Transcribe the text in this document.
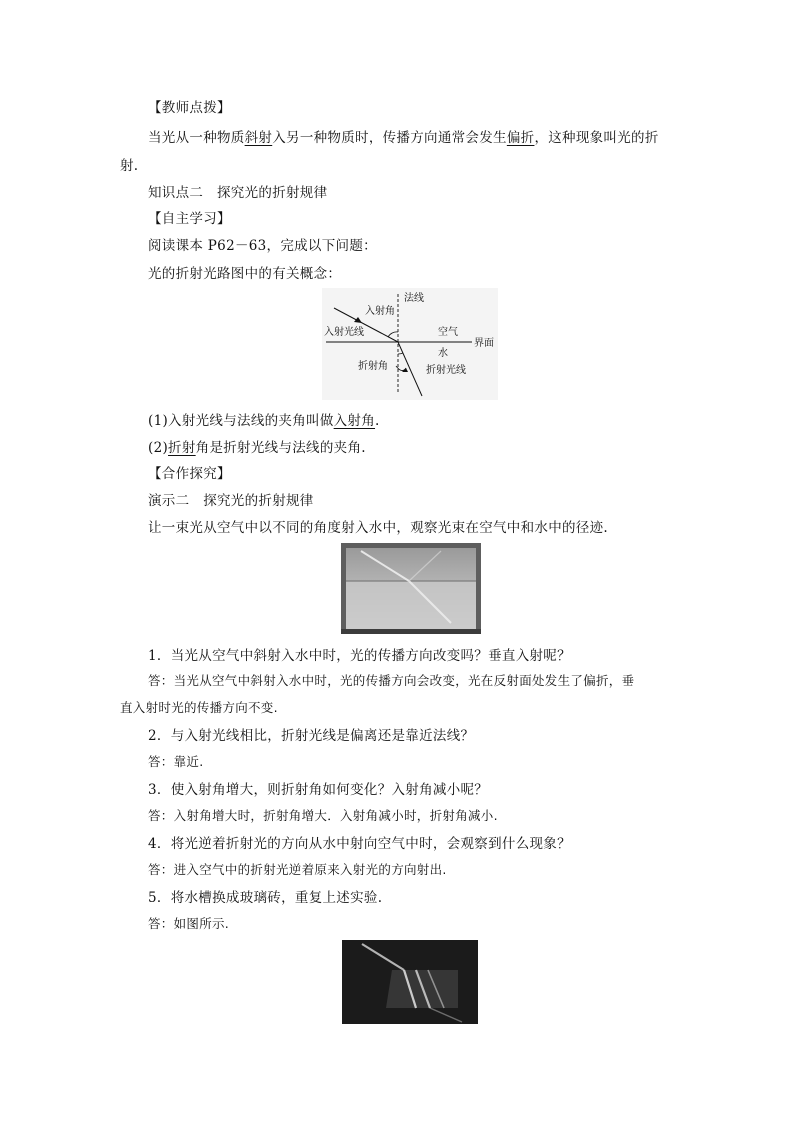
【教师点拨】
当光从一种物质斜射入另一种物质时，传播方向通常会发生偏折，这种现象叫光的折
射.
知识点二　探究光的折射规律
【自主学习】
阅读课本 P62－63，完成以下问题：
光的折射光路图中的有关概念：
法线
入射角
入射光线	空气
界面
水
折射角	折射光线
(1)入射光线与法线的夹角叫做入射角.
(2)折射角是折射光线与法线的夹角.
【合作探究】
演示二　探究光的折射规律
让一束光从空气中以不同的角度射入水中，观察光束在空气中和水中的径迹.
1．当光从空气中斜射入水中时，光的传播方向改变吗？垂直入射呢？
答：当光从空气中斜射入水中时，光的传播方向会改变，光在反射面处发生了偏折，垂
直入射时光的传播方向不变.
2．与入射光线相比，折射光线是偏离还是靠近法线？
答：靠近.
3．使入射角增大，则折射角如何变化？入射角减小呢？
答：入射角增大时，折射角增大．入射角减小时，折射角减小.
4．将光逆着折射光的方向从水中射向空气中时，会观察到什么现象？
答：进入空气中的折射光逆着原来入射光的方向射出.
5．将水槽换成玻璃砖，重复上述实验.
答：如图所示.
